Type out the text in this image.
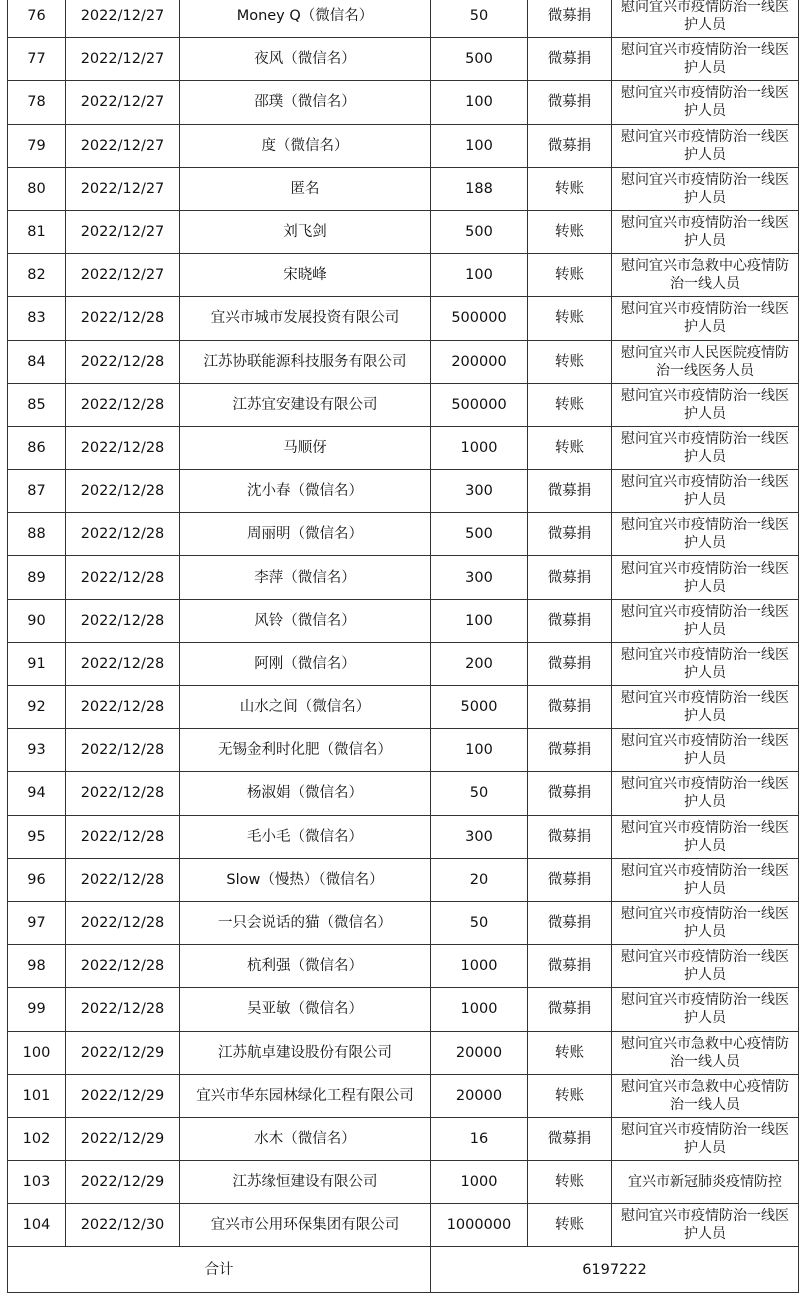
76	2022/12/27	Money Q（微信名）	50	微募捐	慰问宜兴市疫情防治一线医护人员
77	2022/12/27	夜风（微信名）	500	微募捐	慰问宜兴市疫情防治一线医护人员
78	2022/12/27	邵璞（微信名）	100	微募捐	慰问宜兴市疫情防治一线医护人员
79	2022/12/27	度（微信名）	100	微募捐	慰问宜兴市疫情防治一线医护人员
80	2022/12/27	匿名	188	转账	慰问宜兴市疫情防治一线医护人员
81	2022/12/27	刘飞剑	500	转账	慰问宜兴市疫情防治一线医护人员
82	2022/12/27	宋晓峰	100	转账	慰问宜兴市急救中心疫情防治一线人员
83	2022/12/28	宜兴市城市发展投资有限公司	500000	转账	慰问宜兴市疫情防治一线医护人员
84	2022/12/28	江苏协联能源科技服务有限公司	200000	转账	慰问宜兴市人民医院疫情防治一线医务人员
85	2022/12/28	江苏宜安建设有限公司	500000	转账	慰问宜兴市疫情防治一线医护人员
86	2022/12/28	马顺伢	1000	转账	慰问宜兴市疫情防治一线医护人员
87	2022/12/28	沈小春（微信名）	300	微募捐	慰问宜兴市疫情防治一线医护人员
88	2022/12/28	周丽明（微信名）	500	微募捐	慰问宜兴市疫情防治一线医护人员
89	2022/12/28	李萍（微信名）	300	微募捐	慰问宜兴市疫情防治一线医护人员
90	2022/12/28	风铃（微信名）	100	微募捐	慰问宜兴市疫情防治一线医护人员
91	2022/12/28	阿刚（微信名）	200	微募捐	慰问宜兴市疫情防治一线医护人员
92	2022/12/28	山水之间（微信名）	5000	微募捐	慰问宜兴市疫情防治一线医护人员
93	2022/12/28	无锡金利时化肥（微信名）	100	微募捐	慰问宜兴市疫情防治一线医护人员
94	2022/12/28	杨淑娟（微信名）	50	微募捐	慰问宜兴市疫情防治一线医护人员
95	2022/12/28	毛小毛（微信名）	300	微募捐	慰问宜兴市疫情防治一线医护人员
96	2022/12/28	Slow（慢热）（微信名）	20	微募捐	慰问宜兴市疫情防治一线医护人员
97	2022/12/28	一只会说话的猫（微信名）	50	微募捐	慰问宜兴市疫情防治一线医护人员
98	2022/12/28	杭利强（微信名）	1000	微募捐	慰问宜兴市疫情防治一线医护人员
99	2022/12/28	吴亚敏（微信名）	1000	微募捐	慰问宜兴市疫情防治一线医护人员
100	2022/12/29	江苏航卓建设股份有限公司	20000	转账	慰问宜兴市急救中心疫情防治一线人员
101	2022/12/29	宜兴市华东园林绿化工程有限公司	20000	转账	慰问宜兴市急救中心疫情防治一线人员
102	2022/12/29	水木（微信名）	16	微募捐	慰问宜兴市疫情防治一线医护人员
103	2022/12/29	江苏缘恒建设有限公司	1000	转账	宜兴市新冠肺炎疫情防控
104	2022/12/30	宜兴市公用环保集团有限公司	1000000	转账	慰问宜兴市疫情防治一线医护人员
合计			6197222		
